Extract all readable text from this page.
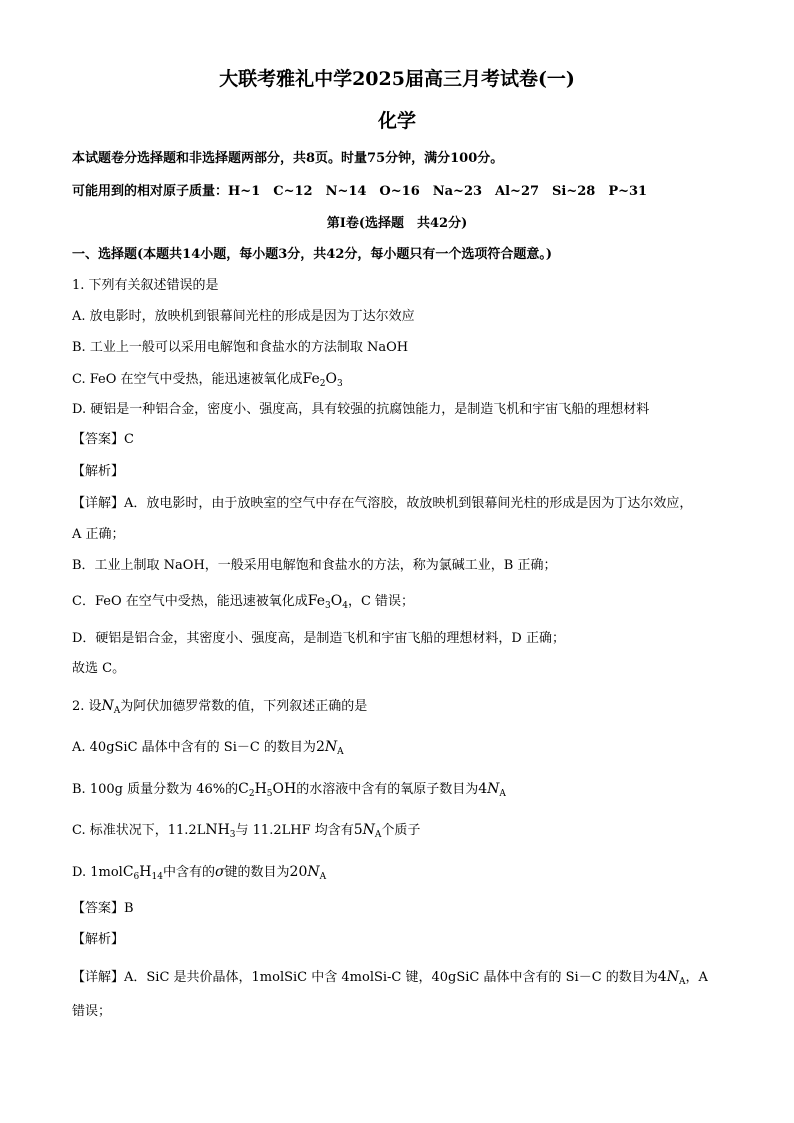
大联考雅礼中学2025届高三月考试卷(一)
化学
本试题卷分选择题和非选择题两部分，共8页。时量75分钟，满分100分。
可能用到的相对原子质量：H~1　C~12　N~14　O~16　Na~23　Al~27　Si~28　P~31
第Ⅰ卷(选择题　共42分)
一、选择题(本题共14小题，每小题3分，共42分，每小题只有一个选项符合题意。)
1. 下列有关叙述错误的是
A. 放电影时，放映机到银幕间光柱的形成是因为丁达尔效应
B. 工业上一般可以采用电解饱和食盐水的方法制取 NaOH
C. FeO 在空气中受热，能迅速被氧化成$Fe_2O_3$
D. 硬铝是一种铝合金，密度小、强度高，具有较强的抗腐蚀能力，是制造飞机和宇宙飞船的理想材料
【答案】C
【解析】
【详解】A．放电影时，由于放映室的空气中存在气溶胶，故放映机到银幕间光柱的形成是因为丁达尔效应，
A 正确；
B．工业上制取 NaOH，一般采用电解饱和食盐水的方法，称为氯碱工业，B 正确；
C．FeO 在空气中受热，能迅速被氧化成$Fe_3O_4$，C 错误；
D．硬铝是铝合金，其密度小、强度高，是制造飞机和宇宙飞船的理想材料，D 正确；
故选 C。
2. 设$N_A$为阿伏加德罗常数的值，下列叙述正确的是
A. 40gSiC 晶体中含有的 Si－C 的数目为$2N_A$
B. 100g 质量分数为 46%的$C_2H_5OH$的水溶液中含有的氧原子数目为$4N_A$
C. 标准状况下，$11.2LNH_3$与 11.2LHF 均含有$5N_A$个质子
D. $1molC_6H_{14}$中含有的σ键的数目为$20N_A$
【答案】B
【解析】
【详解】A．SiC 是共价晶体，1molSiC 中含 4molSi-C 键，40gSiC 晶体中含有的 Si－C 的数目为$4N_A$，A
错误；
